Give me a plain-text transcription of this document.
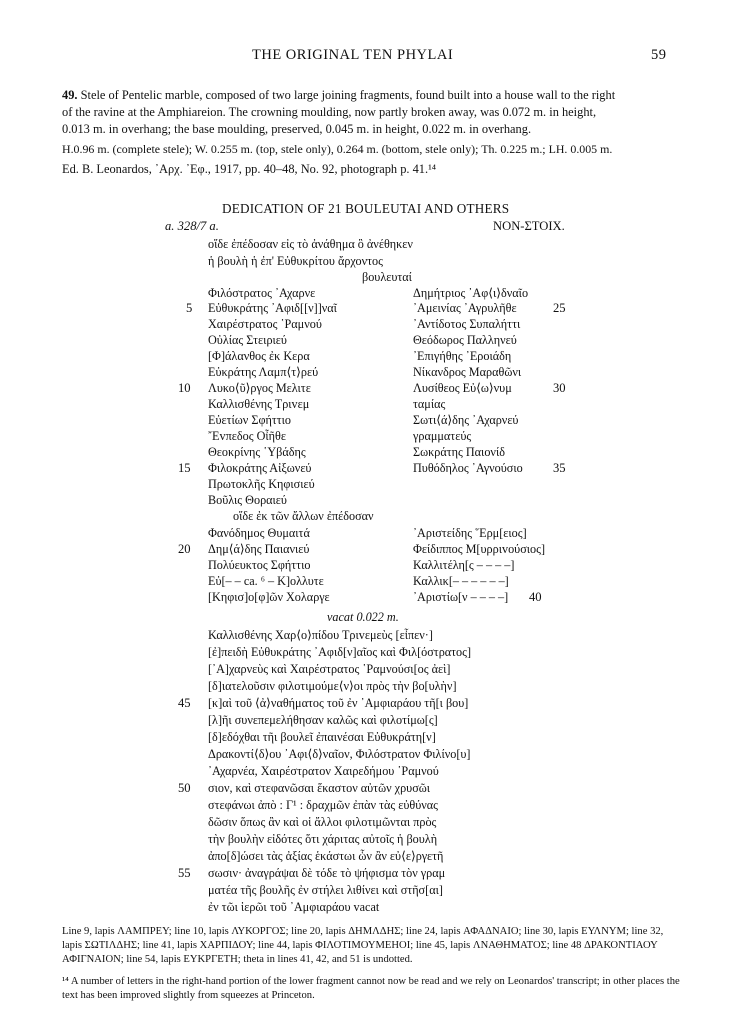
THE ORIGINAL TEN PHYLAI	59
49. Stele of Pentelic marble, composed of two large joining fragments, found built into a house wall to the right
of the ravine at the Amphiareion. The crowning moulding, now partly broken away, was 0.072 m. in height,
0.013 m. in overhang; the base moulding, preserved, 0.045 m. in height, 0.022 m. in overhang.
H.0.96 m. (complete stele); W. 0.255 m. (top, stele only), 0.264 m. (bottom, stele only); Th. 0.225 m.; LH. 0.005 m.
Ed. B. Leonardos, ᾿Αρχ. ᾿Εφ., 1917, pp. 40–48, No. 92, photograph p. 41.¹⁴
DEDICATION OF 21 BOULEUTAI AND OTHERS
a. 328/7 a.	NON-ΣΤΟΙΧ.
οἵδε ἐπέδοσαν εἰς τὸ ἀνάθημα ὃ ἀνέθηκεν
ἡ βουλὴ ἡ ἐπ' Εὐθυκρίτου ἄρχοντος
βουλευταί
Φιλόστρατος ᾿Αχαρνε
Εὐθυκράτης ᾿Αφιδ[[ν]]ναῖ
Χαιρέστρατος ῾Ραμνού
Οὐλίας Στειριεύ
[Φ]άλανθος ἐκ Κερα
Εὐκράτης Λαμπ⟨τ⟩ρεύ
Λυκο⟨ῦ⟩ργος Μελιτε
Καλλισθένης Τριvεμ
Εὐετίων Σφήττιο
῎Εvπεδος Οἶῆθε
Θεοκρίνης ῾Υβάδης
Φιλοκράτης Αἰξωνεύ
Πρωτοκλῆς Κηφισιεύ
Βοῦλις Θοραιεύ
Δημήτριος ᾿Αφ⟨ι⟩δναῖο
᾿Αμεινίας ᾿Αγρυλῆθε
᾿Αντίδοτος Συπαλήττι
Θεόδωρος Παλληνεύ
᾿Επιγήθης ᾿Εροιάδη
Νίκανδρος Μαραθῶνι
Λυσίθεος Εὐ⟨ω⟩νυμ
ταμίας
Σωτι⟨ά⟩δης ᾿Αχαρνεύ
γραμματεύς
Σωκράτης Παιονίδ
Πυθόδηλος ᾿Αγνούσιο
οἵδε ἐκ τῶν ἄλλων ἐπέδοσαν
Φανόδημος Θυμαιτά
Δημ⟨ά⟩δης Παιανιεύ
Πολύευκτος Σφήττιο
Εὐ[– – ca. ⁶ – Κ]ολλυτε
[Κηφισ]ο[φ]ῶν Χολαργε
᾿Αριστείδης ῞Ερμ[ειος]
Φείδιππος Μ[υρριvούσιος]
Καλλιτέλη[ς – – – –]
Καλλικ[– – – – – –]
᾿Αριστίω[ν – – – –]
vacat 0.022 m.
Καλλισθένης Χαρ⟨ο⟩πίδου Τριvεμεὺς [εἶπεν·]
[ἐ]πειδὴ Εὐθυκράτης ᾿Αφιδ[ν]αῖος καὶ Φιλ[όστρατος]
[᾿Α]χαρνεὺς καὶ Χαιρέστρατος ῾Ραμνούσι[ος ἀεὶ]
[δ]ιατελοῦσιν φιλοτιμούμε⟨ν⟩οι πρὸς τὴν βο[υλὴν]
[κ]αὶ τοῦ ⟨ἀ⟩ναθήματος τοῦ ἐν ᾿Αμφιαράου τῆ[ι βου]
[λ]ῆι συνεπεμελήθησαν καλῶς καὶ φιλοτίμω[ς]
[δ]εδόχθαι τῆι βουλεῖ ἐπαινέσαι Εὐθυκράτη[ν]
Δρακοντί⟨δ⟩ου ᾿Αφι⟨δ⟩ναῖον, Φιλόστρατον Φιλίνο[υ]
᾿Αχαρνέα, Χαιρέστρατον Χαιρεδήμου ῾Ραμνού
σιον, καὶ στεφανῶσαι ἕκαστον αὐτῶν χρυσῶι
στεφάνωι ἀπὸ : Γ¹ : δραχμῶν ἐπὰν τὰς εὐθύνας
δῶσιν ὅπως ἂν καὶ οἱ ἄλλοι φιλοτιμῶνται πρὸς
τὴν βουλὴν εἰδότες ὅτι χάριτας αὐτοῖς ἡ βουλὴ
ἀπο[δ]ώσει τὰς ἀξίας ἑκάστωι ὧν ἂν εὐ⟨ε⟩ργετῆ
σωσιν· ἀναγράψαι δὲ τόδε τὸ ψήφισμα τὸν γραμ
ματέα τῆς βουλῆς ἐν στήλει λιθίνει καὶ στῆσ[αι]
ἐν τῶι ἱερῶι τοῦ ᾿Αμφιαράου vacat
5
10
15
20
25
30
35
40
45
50
55
Line 9, lapis ΛΑΜΠΡΕΥ; line 10, lapis ΛΥΚΟΡΓΟΣ; line 20, lapis ΔΗΜΛΔΗΣ; line 24, lapis ΑΦΑΔΝΑΙΟ; line 30, lapis ΕΥΛΝΥΜ; line 32, lapis ΣΩΤΙΛΔΗΣ; line 41, lapis ΧΑΡΠΙΔΟΥ; line 44, lapis ΦΙΛΟΤΙΜΟΥΜΕΗΟΙ; line 45, lapis ΛΝΑΘΗΜΑΤΟΣ; line 48 ΔΡΑΚΟΝΤΙΑΟΥ ΑΦΙΓΝΑΙΟΝ; line 54, lapis ΕΥΚΡΓΕΤΗ; theta in lines 41, 42, and 51 is undotted.
¹⁴ A number of letters in the right-hand portion of the lower fragment cannot now be read and we rely on Leonardos' transcript; in other places the text has been improved slightly from squeezes at Princeton.
